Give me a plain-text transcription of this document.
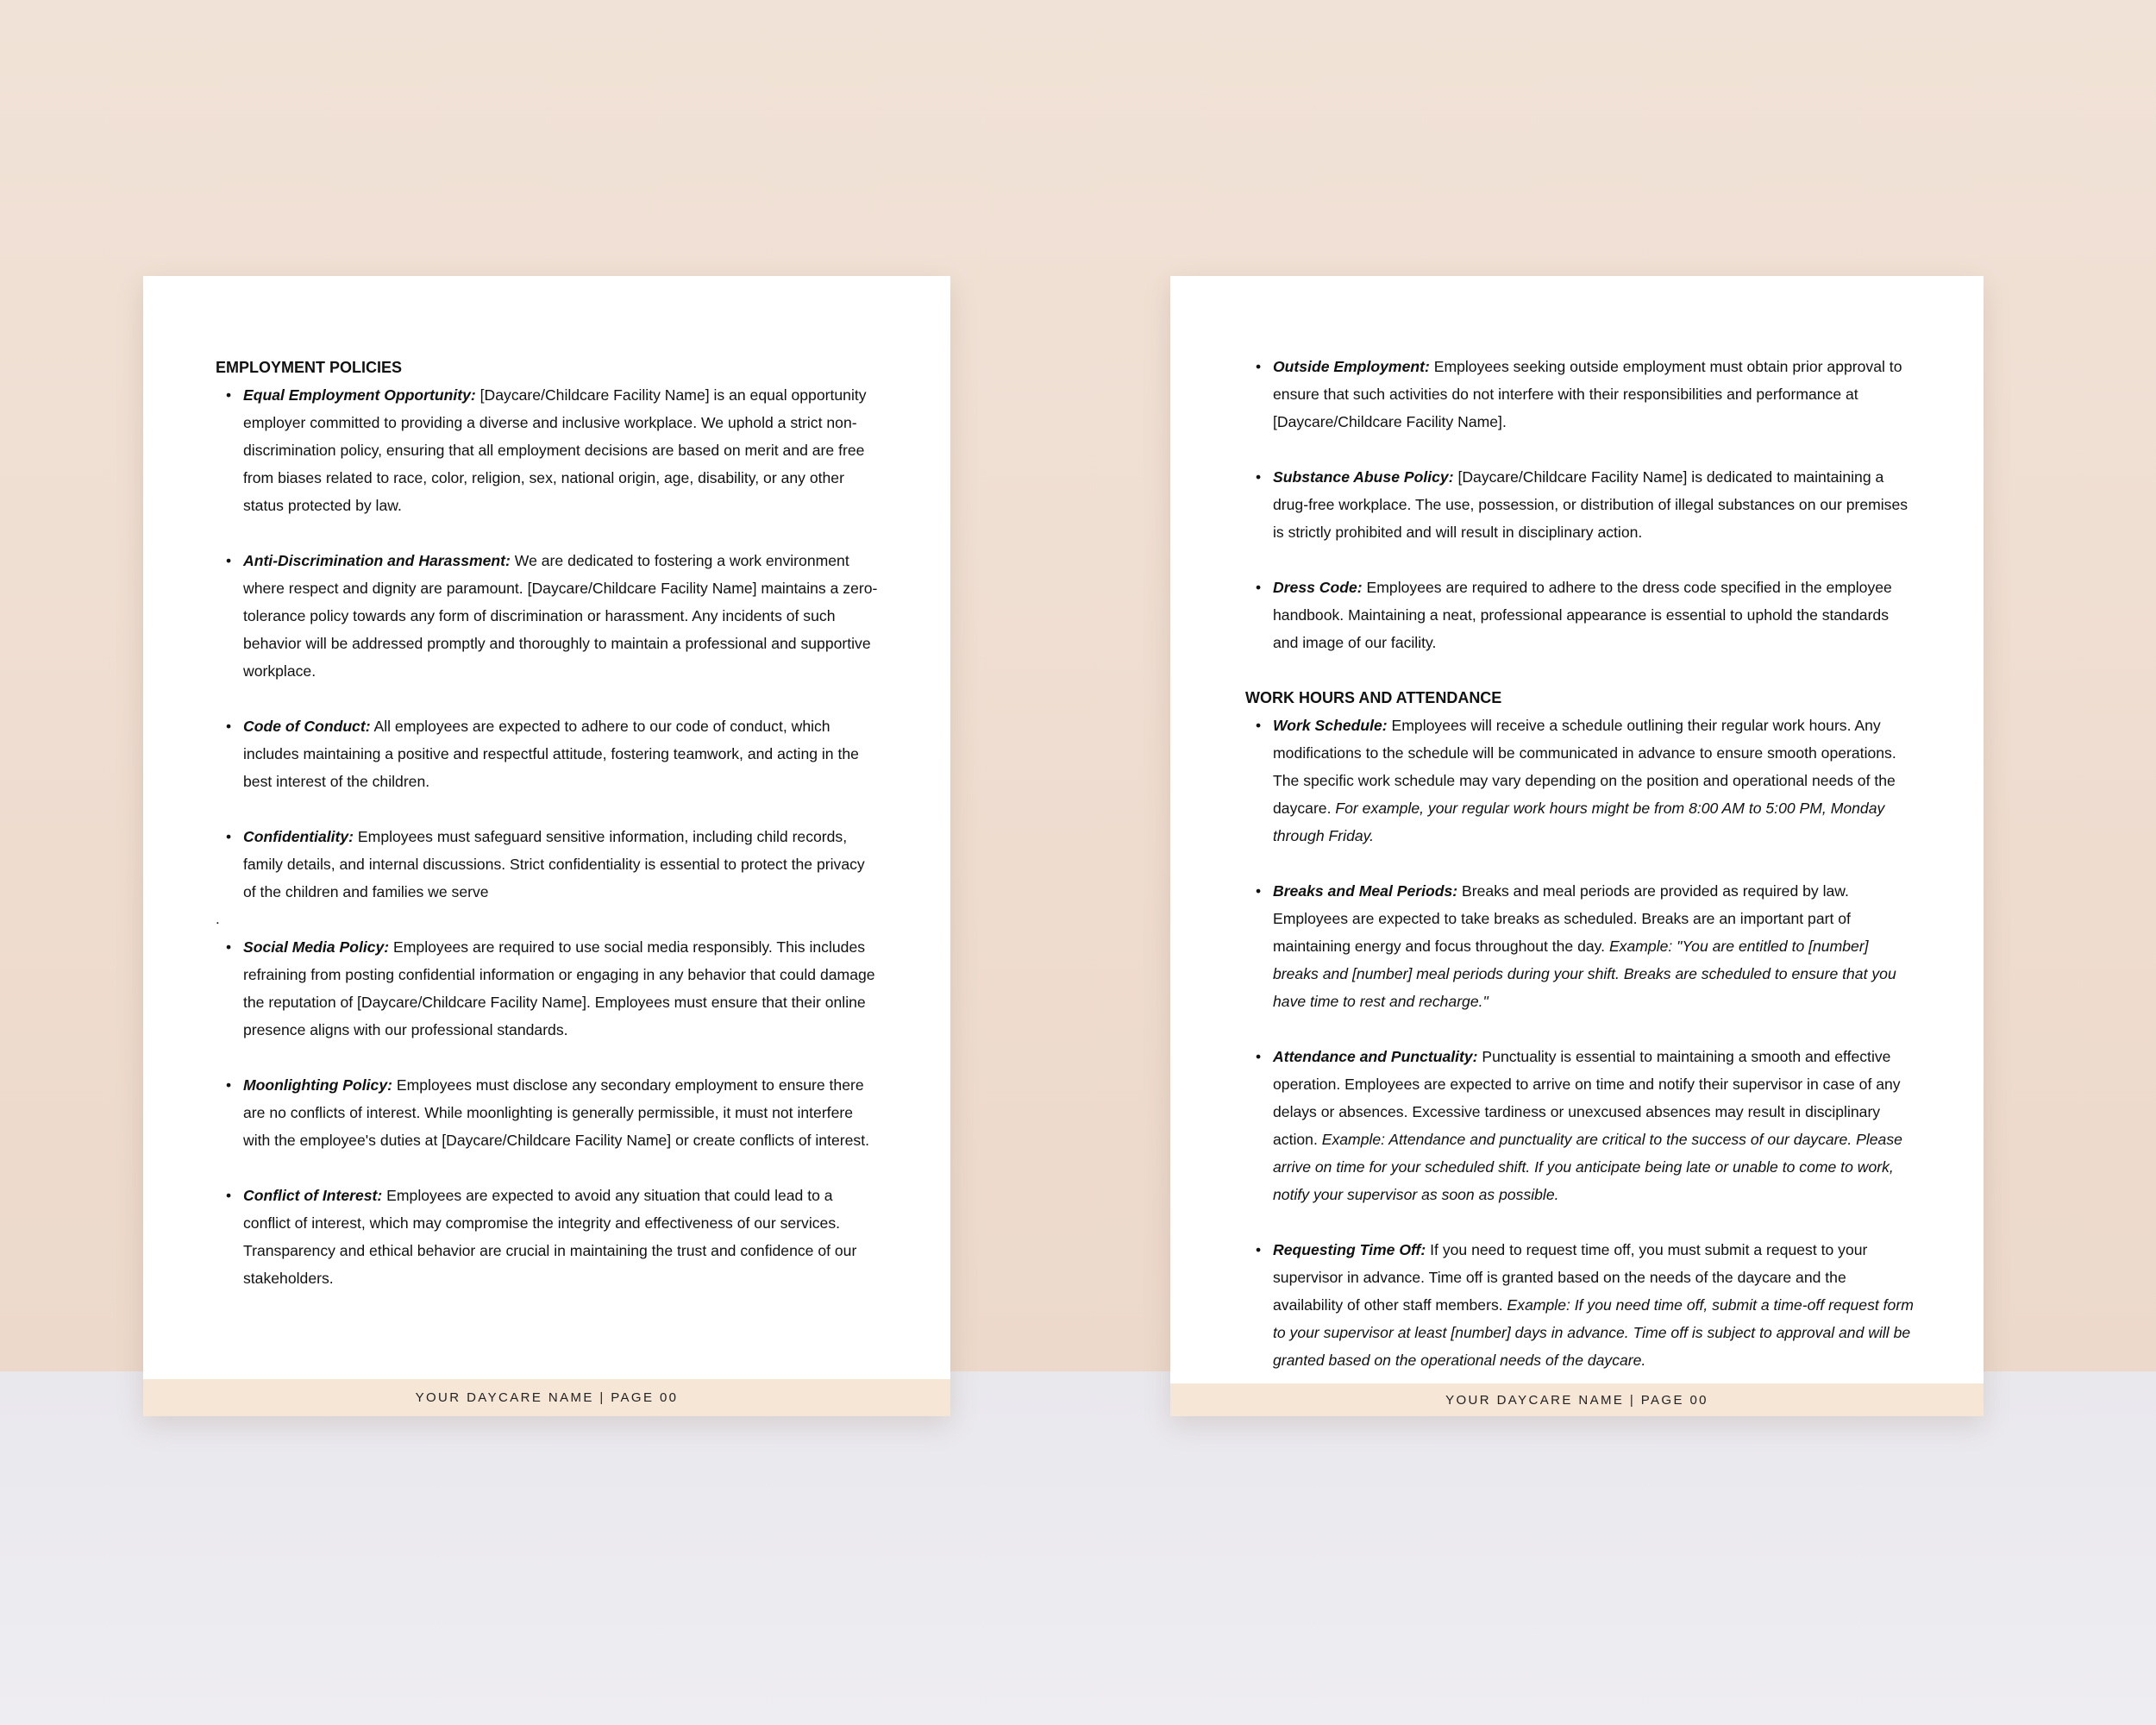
EMPLOYMENT POLICIES

• Equal Employment Opportunity: [Daycare/Childcare Facility Name] is an equal opportunity employer committed to providing a diverse and inclusive workplace. We uphold a strict non-discrimination policy, ensuring that all employment decisions are based on merit and are free from biases related to race, color, religion, sex, national origin, age, disability, or any other status protected by law.
• Anti-Discrimination and Harassment: We are dedicated to fostering a work environment where respect and dignity are paramount. [Daycare/Childcare Facility Name] maintains a zero-tolerance policy towards any form of discrimination or harassment. Any incidents of such behavior will be addressed promptly and thoroughly to maintain a professional and supportive workplace.
• Code of Conduct: All employees are expected to adhere to our code of conduct, which includes maintaining a positive and respectful attitude, fostering teamwork, and acting in the best interest of the children.
• Confidentiality: Employees must safeguard sensitive information, including child records, family details, and internal discussions. Strict confidentiality is essential to protect the privacy of the children and families we serve
.
• Social Media Policy: Employees are required to use social media responsibly. This includes refraining from posting confidential information or engaging in any behavior that could damage the reputation of [Daycare/Childcare Facility Name]. Employees must ensure that their online presence aligns with our professional standards.
• Moonlighting Policy: Employees must disclose any secondary employment to ensure there are no conflicts of interest. While moonlighting is generally permissible, it must not interfere with the employee's duties at [Daycare/Childcare Facility Name] or create conflicts of interest.
• Conflict of Interest: Employees are expected to avoid any situation that could lead to a conflict of interest, which may compromise the integrity and effectiveness of our services. Transparency and ethical behavior are crucial in maintaining the trust and confidence of our stakeholders.
YOUR DAYCARE NAME | PAGE 00
• Outside Employment: Employees seeking outside employment must obtain prior approval to ensure that such activities do not interfere with their responsibilities and performance at [Daycare/Childcare Facility Name].
• Substance Abuse Policy: [Daycare/Childcare Facility Name] is dedicated to maintaining a drug-free workplace. The use, possession, or distribution of illegal substances on our premises is strictly prohibited and will result in disciplinary action.
• Dress Code: Employees are required to adhere to the dress code specified in the employee handbook. Maintaining a neat, professional appearance is essential to uphold the standards and image of our facility.

WORK HOURS AND ATTENDANCE

• Work Schedule: Employees will receive a schedule outlining their regular work hours. Any modifications to the schedule will be communicated in advance to ensure smooth operations. The specific work schedule may vary depending on the position and operational needs of the daycare. For example, your regular work hours might be from 8:00 AM to 5:00 PM, Monday through Friday.
• Breaks and Meal Periods: Breaks and meal periods are provided as required by law. Employees are expected to take breaks as scheduled. Breaks are an important part of maintaining energy and focus throughout the day. Example: "You are entitled to [number] breaks and [number] meal periods during your shift. Breaks are scheduled to ensure that you have time to rest and recharge."
• Attendance and Punctuality: Punctuality is essential to maintaining a smooth and effective operation. Employees are expected to arrive on time and notify their supervisor in case of any delays or absences. Excessive tardiness or unexcused absences may result in disciplinary action. Example: Attendance and punctuality are critical to the success of our daycare. Please arrive on time for your scheduled shift. If you anticipate being late or unable to come to work, notify your supervisor as soon as possible.
• Requesting Time Off: If you need to request time off, you must submit a request to your supervisor in advance. Time off is granted based on the needs of the daycare and the availability of other staff members. Example: If you need time off, submit a time-off request form to your supervisor at least [number] days in advance. Time off is subject to approval and will be granted based on the operational needs of the daycare.
YOUR DAYCARE NAME | PAGE 00
